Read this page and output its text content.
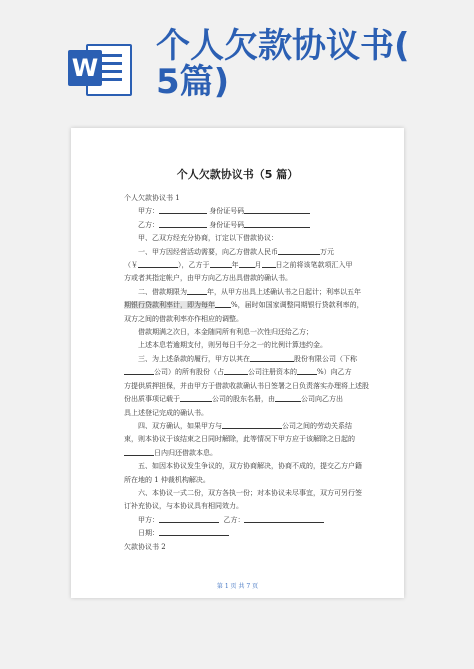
W
个人欠款协议书(
5篇)
个人欠款协议书（5 篇）

个人欠款协议书 1

甲方：	身份证号码

乙方：	身份证号码

甲、乙双方经充分协商，订定以下借款协议：

一、甲方因经营活动需要，向乙方借款人民币	万元

（￥	），乙方于	年 月 日之前将该笔款项汇入甲

方或者其指定帐户，由甲方向乙方出具借款的确认书。

二、借款期限为	年，从甲方出具上述确认书之日起计；利率以五年

期银行贷款利率计，即为每年 %，届时如国家调整同期银行贷款利率的，

双方之间的借款利率亦作相应的调整。

借款期满之次日，本金随同所有利息一次性归还给乙方；

上述本息若逾期支付，则另每日千分之一的比例计算违约金。

三、为上述条款的履行，甲方以其在	股份有限公司（下称

公司）的所有股份（占	公司注册资本的	%）向乙方

方提供质押担保，并由甲方于借款收款确认书日签署之日负责落实办理将上述股

份出质事项记载于	公司的股东名册，由	公司向乙方出

具上述登记完成的确认书。

四、双方确认，如果甲方与	公司之间的劳动关系结

束，则本协议于该结束之日同时解除，此等情况下甲方应于该解除之日起的

日内归还借款本息。

五、如因本协议发生争议的，双方协商解决，协商不成的，提交乙方户籍

所在地的 1 仲裁机构解决。

六、本协议一式二份，双方各执一份；对本协议未尽事宜，双方可另行签

订补充协议，与本协议具有相同效力。

甲方：	乙方：

日期：

欠款协议书 2

第 1 页 共 7 页
